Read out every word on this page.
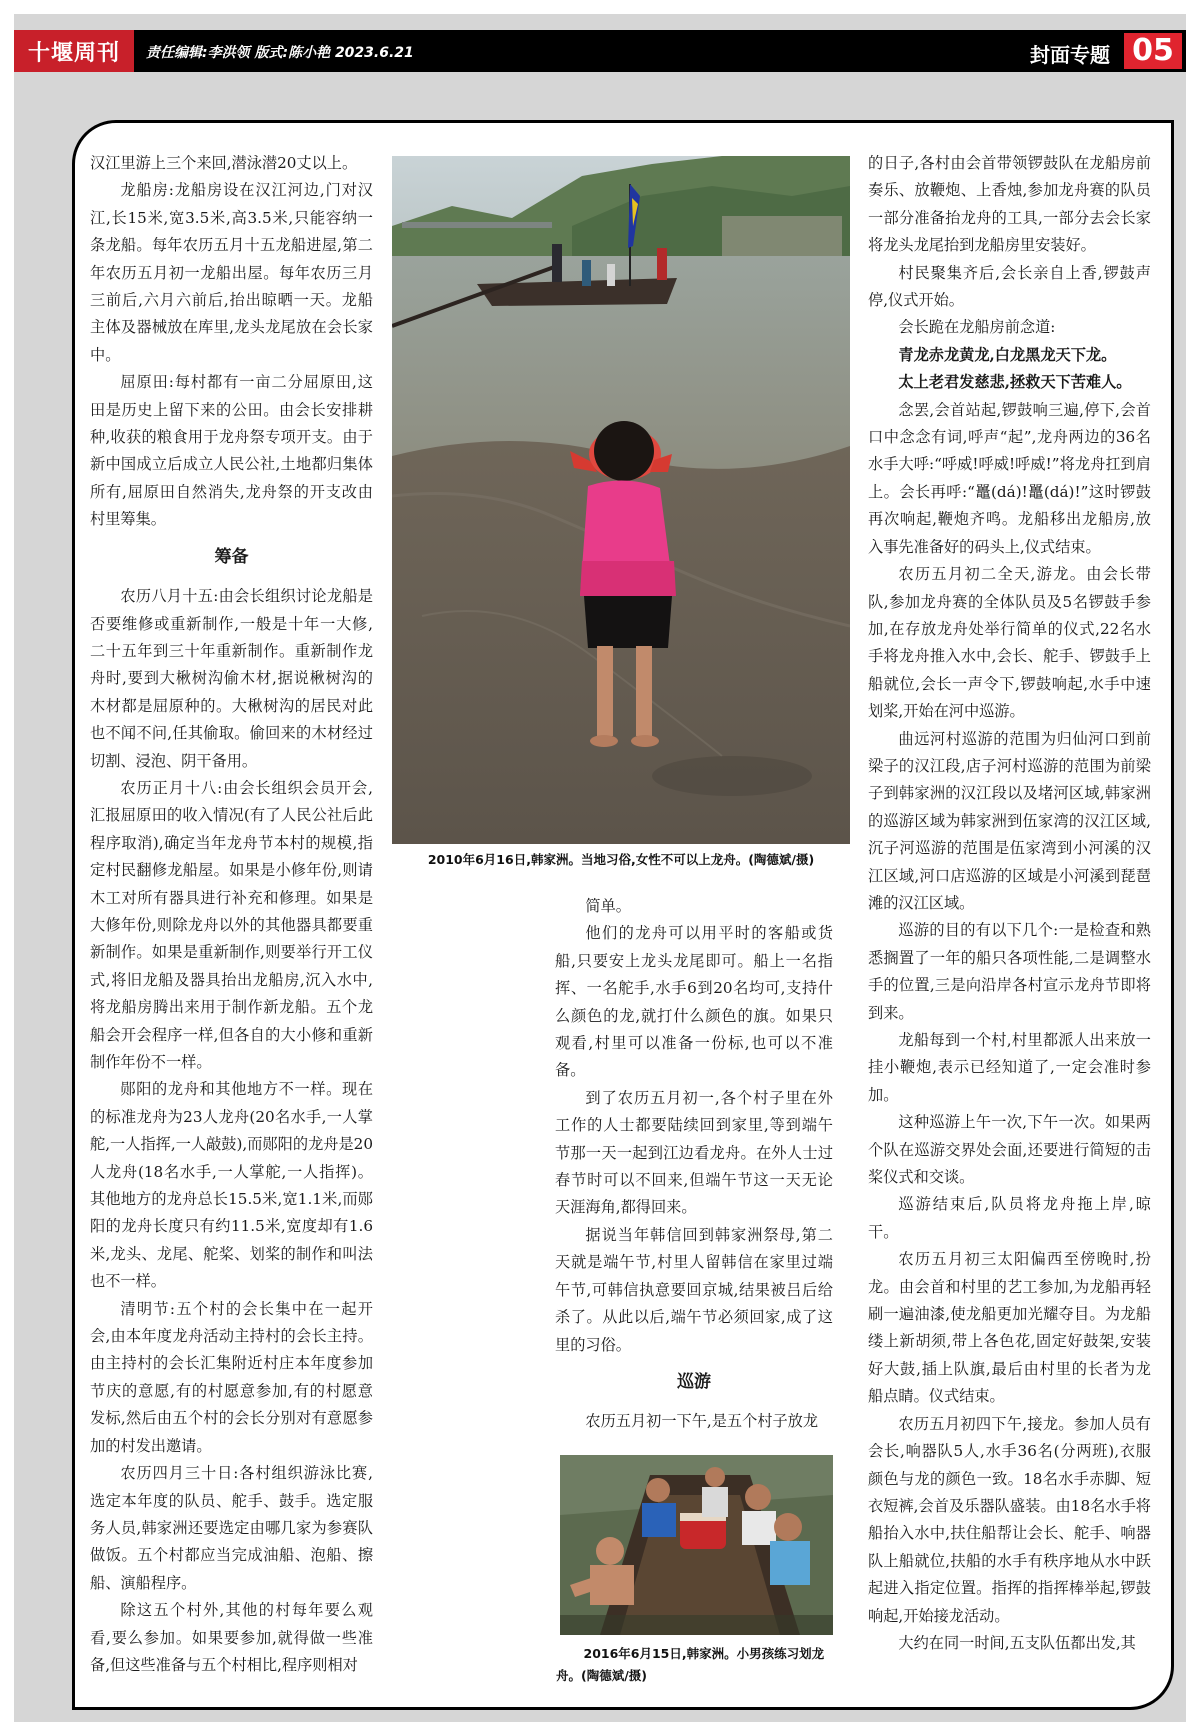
十堰周刊 责任编辑:李洪领 版式:陈小艳 2023.6.21	封面专题 05

汉江里游上三个来回,潜泳潜20丈以上。

龙船房:龙船房设在汉江河边,门对汉江,长15米,宽3.5米,高3.5米,只能容纳一条龙船。每年农历五月十五龙船进屋,第二年农历五月初一龙船出屋。每年农历三月三前后,六月六前后,抬出晾晒一天。龙船主体及器械放在库里,龙头龙尾放在会长家中。

屈原田:每村都有一亩二分屈原田,这田是历史上留下来的公田。由会长安排耕种,收获的粮食用于龙舟祭专项开支。由于新中国成立后成立人民公社,土地都归集体所有,屈原田自然消失,龙舟祭的开支改由村里筹集。

筹备

农历八月十五:由会长组织讨论龙船是否要维修或重新制作,一般是十年一大修,二十五年到三十年重新制作。重新制作龙舟时,要到大楸树沟偷木材,据说楸树沟的木材都是屈原种的。大楸树沟的居民对此也不闻不问,任其偷取。偷回来的木材经过切割、浸泡、阴干备用。

农历正月十八:由会长组织会员开会,汇报屈原田的收入情况(有了人民公社后此程序取消),确定当年龙舟节本村的规模,指定村民翻修龙船屋。如果是小修年份,则请木工对所有器具进行补充和修理。如果是大修年份,则除龙舟以外的其他器具都要重新制作。如果是重新制作,则要举行开工仪式,将旧龙船及器具抬出龙船房,沉入水中,将龙船房腾出来用于制作新龙船。五个龙船会开会程序一样,但各自的大小修和重新制作年份不一样。

郧阳的龙舟和其他地方不一样。现在的标准龙舟为23人龙舟(20名水手,一人掌舵,一人指挥,一人敲鼓),而郧阳的龙舟是20人龙舟(18名水手,一人掌舵,一人指挥)。其他地方的龙舟总长15.5米,宽1.1米,而郧阳的龙舟长度只有约11.5米,宽度却有1.6米,龙头、龙尾、舵桨、划桨的制作和叫法也不一样。

清明节:五个村的会长集中在一起开会,由本年度龙舟活动主持村的会长主持。由主持村的会长汇集附近村庄本年度参加节庆的意愿,有的村愿意参加,有的村愿意发标,然后由五个村的会长分别对有意愿参加的村发出邀请。

农历四月三十日:各村组织游泳比赛,选定本年度的队员、舵手、鼓手。选定服务人员,韩家洲还要选定由哪几家为参赛队做饭。五个村都应当完成油船、泡船、擦船、演船程序。

除这五个村外,其他的村每年要么观看,要么参加。如果要参加,就得做一些准备,但这些准备与五个村相比,程序则相对

2010年6月16日,韩家洲。当地习俗,女性不可以上龙舟。(陶德斌/摄)

简单。

他们的龙舟可以用平时的客船或货船,只要安上龙头龙尾即可。船上一名指挥、一名舵手,水手6到20名均可,支持什么颜色的龙,就打什么颜色的旗。如果只观看,村里可以准备一份标,也可以不准备。

到了农历五月初一,各个村子里在外工作的人士都要陆续回到家里,等到端午节那一天一起到江边看龙舟。在外人士过春节时可以不回来,但端午节这一天无论天涯海角,都得回来。

据说当年韩信回到韩家洲祭母,第二天就是端午节,村里人留韩信在家里过端午节,可韩信执意要回京城,结果被吕后给杀了。从此以后,端午节必须回家,成了这里的习俗。

巡游

农历五月初一下午,是五个村子放龙

2016年6月15日,韩家洲。小男孩练习划龙舟。(陶德斌/摄)

的日子,各村由会首带领锣鼓队在龙船房前奏乐、放鞭炮、上香烛,参加龙舟赛的队员一部分准备抬龙舟的工具,一部分去会长家将龙头龙尾抬到龙船房里安装好。

村民聚集齐后,会长亲自上香,锣鼓声停,仪式开始。

会长跪在龙船房前念道:

青龙赤龙黄龙,白龙黑龙天下龙。

太上老君发慈悲,拯救天下苦难人。

念罢,会首站起,锣鼓响三遍,停下,会首口中念念有词,呼声“起”,龙舟两边的36名水手大呼:“呼威!呼威!呼威!”将龙舟扛到肩上。会长再呼:“鼉(dá)!鼉(dá)!”这时锣鼓再次响起,鞭炮齐鸣。龙船移出龙船房,放入事先准备好的码头上,仪式结束。

农历五月初二全天,游龙。由会长带队,参加龙舟赛的全体队员及5名锣鼓手参加,在存放龙舟处举行简单的仪式,22名水手将龙舟推入水中,会长、舵手、锣鼓手上船就位,会长一声令下,锣鼓响起,水手中速划桨,开始在河中巡游。

曲远河村巡游的范围为归仙河口到前梁子的汉江段,店子河村巡游的范围为前梁子到韩家洲的汉江段以及堵河区域,韩家洲的巡游区域为韩家洲到伍家湾的汉江区域,沉子河巡游的范围是伍家湾到小河溪的汉江区域,河口店巡游的区域是小河溪到琵琶滩的汉江区域。

巡游的目的有以下几个:一是检查和熟悉搁置了一年的船只各项性能,二是调整水手的位置,三是向沿岸各村宣示龙舟节即将到来。

龙船每到一个村,村里都派人出来放一挂小鞭炮,表示已经知道了,一定会准时参加。

这种巡游上午一次,下午一次。如果两个队在巡游交界处会面,还要进行简短的击桨仪式和交谈。

巡游结束后,队员将龙舟拖上岸,晾干。

农历五月初三太阳偏西至傍晚时,扮龙。由会首和村里的艺工参加,为龙船再轻刷一遍油漆,使龙船更加光耀夺目。为龙船缕上新胡须,带上各色花,固定好鼓架,安装好大鼓,插上队旗,最后由村里的长者为龙船点睛。仪式结束。

农历五月初四下午,接龙。参加人员有会长,响器队5人,水手36名(分两班),衣服颜色与龙的颜色一致。18名水手赤脚、短衣短裤,会首及乐器队盛装。由18名水手将船抬入水中,扶住船帮让会长、舵手、响器队上船就位,扶船的水手有秩序地从水中跃起进入指定位置。指挥的指挥棒举起,锣鼓响起,开始接龙活动。

大约在同一时间,五支队伍都出发,其
